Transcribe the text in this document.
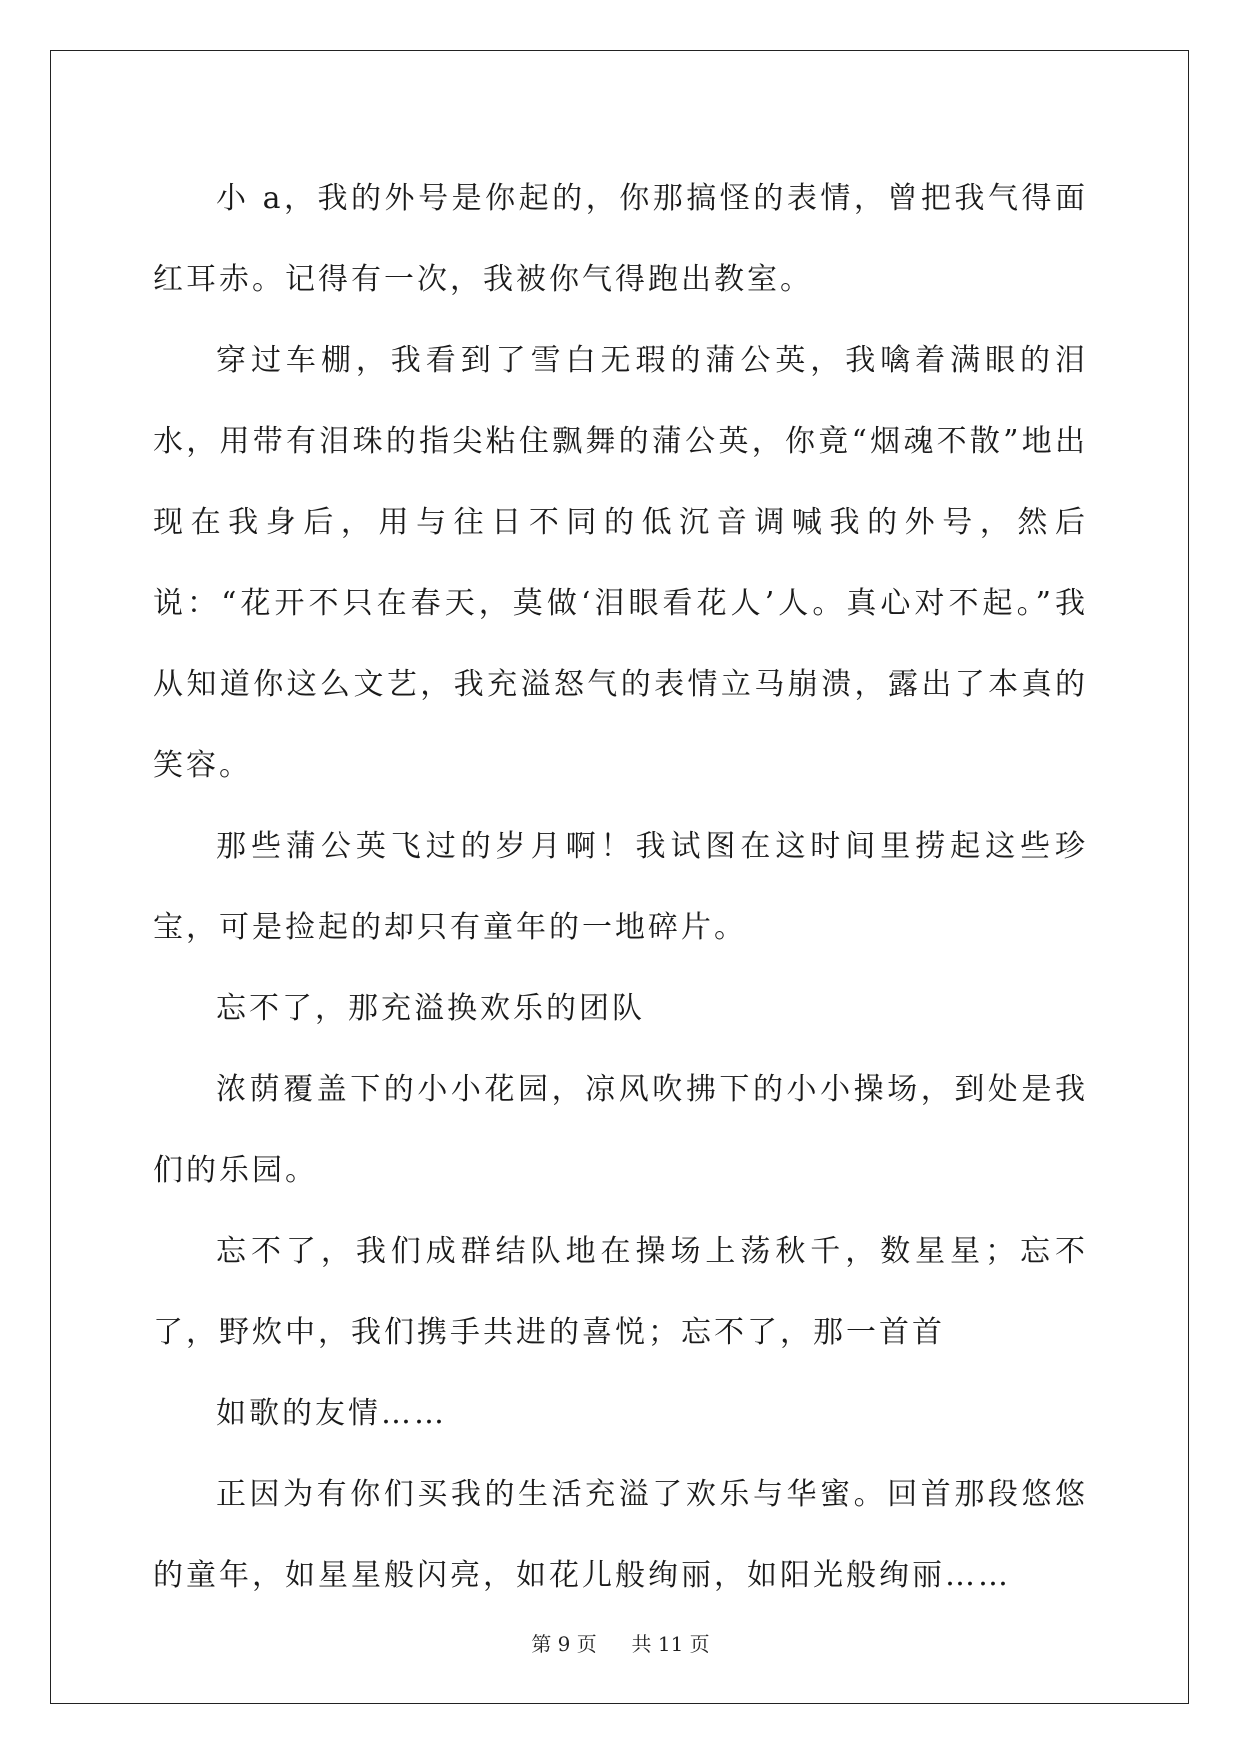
小 a，我的外号是你起的，你那搞怪的表情，曾把我气得面红耳赤。记得有一次，我被你气得跑出教室。

穿过车棚，我看到了雪白无瑕的蒲公英，我噙着满眼的泪水，用带有泪珠的指尖粘住飘舞的蒲公英，你竟“烟魂不散”地出现在我身后，用与往日不同的低沉音调喊我的外号，然后说：“花开不只在春天，莫做‘泪眼看花人’人。真心对不起。”我从知道你这么文艺，我充溢怒气的表情立马崩溃，露出了本真的笑容。

那些蒲公英飞过的岁月啊！我试图在这时间里捞起这些珍宝，可是捡起的却只有童年的一地碎片。

忘不了，那充溢换欢乐的团队

浓荫覆盖下的小小花园，凉风吹拂下的小小操场，到处是我们的乐园。

忘不了，我们成群结队地在操场上荡秋千，数星星；忘不了，野炊中，我们携手共进的喜悦；忘不了，那一首首

如歌的友情……

正因为有你们买我的生活充溢了欢乐与华蜜。回首那段悠悠的童年，如星星般闪亮，如花儿般绚丽，如阳光般绚丽……

第 9 页 共 11 页
